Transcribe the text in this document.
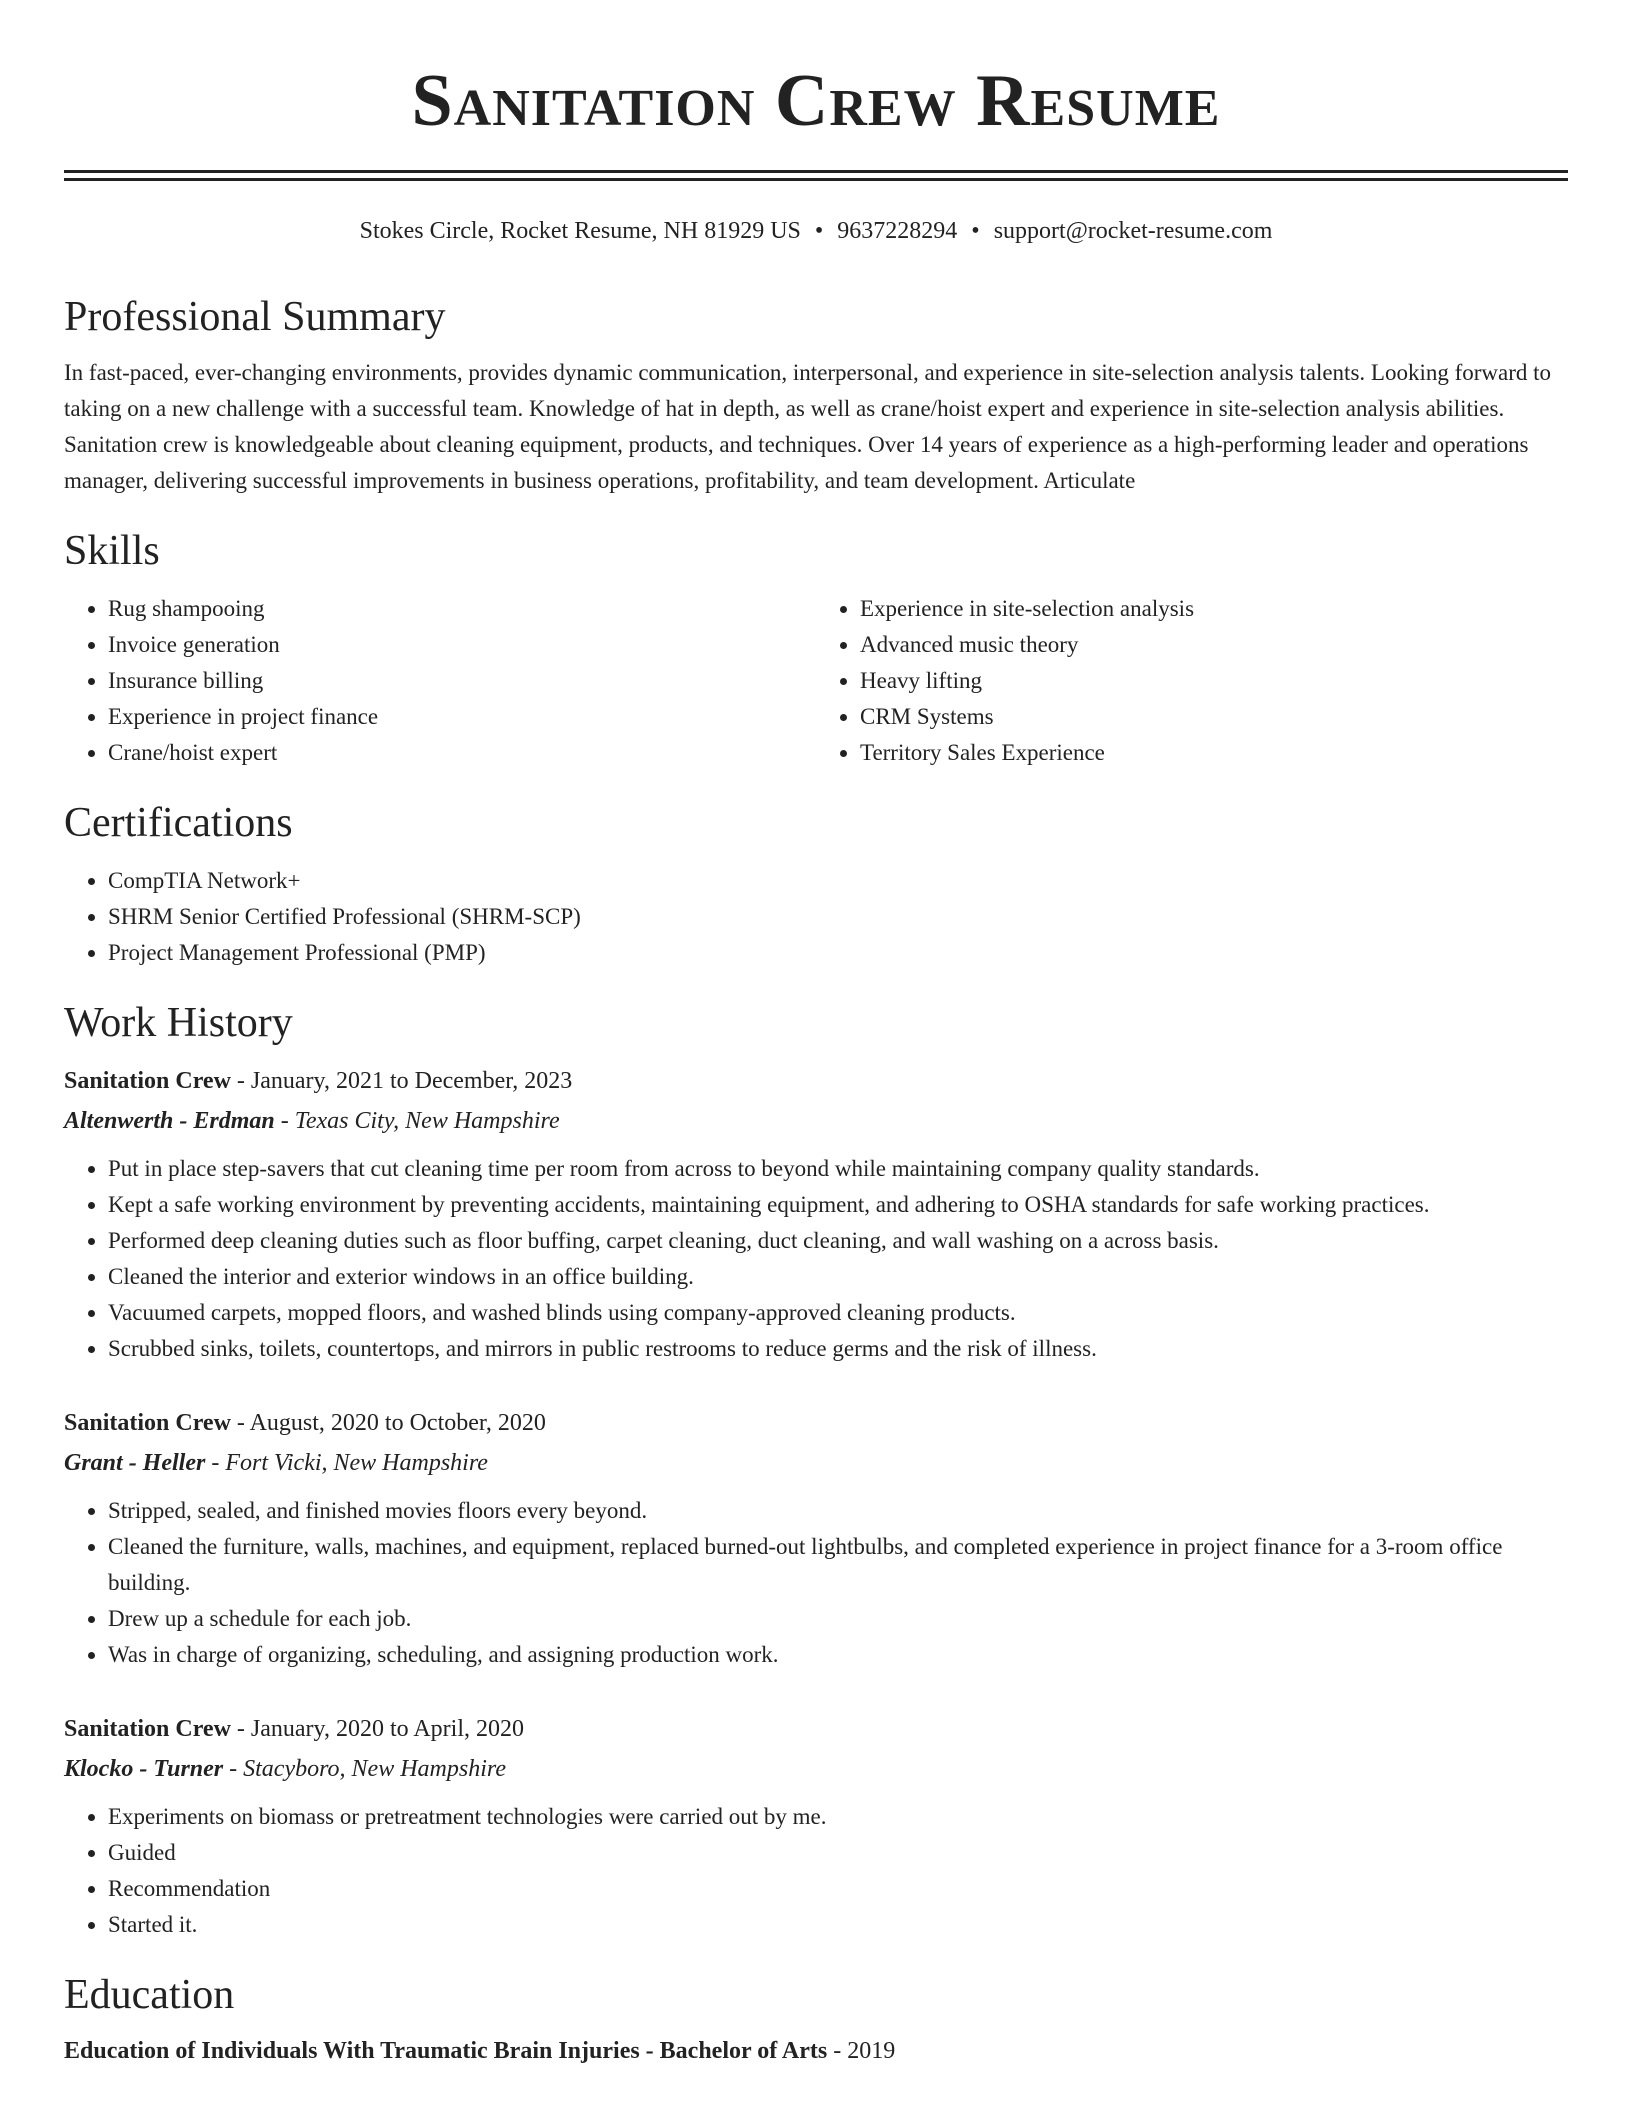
Sanitation Crew Resume
Stokes Circle, Rocket Resume, NH 81929 US • 9637228294 • support@rocket-resume.com
Professional Summary
In fast-paced, ever-changing environments, provides dynamic communication, interpersonal, and experience in site-selection analysis talents. Looking forward to taking on a new challenge with a successful team. Knowledge of hat in depth, as well as crane/hoist expert and experience in site-selection analysis abilities. Sanitation crew is knowledgeable about cleaning equipment, products, and techniques. Over 14 years of experience as a high-performing leader and operations manager, delivering successful improvements in business operations, profitability, and team development. Articulate
Skills
• Rug shampooing
• Invoice generation
• Insurance billing
• Experience in project finance
• Crane/hoist expert
• Experience in site-selection analysis
• Advanced music theory
• Heavy lifting
• CRM Systems
• Territory Sales Experience
Certifications
• CompTIA Network+
• SHRM Senior Certified Professional (SHRM-SCP)
• Project Management Professional (PMP)
Work History
Sanitation Crew - January, 2021 to December, 2023
Altenwerth - Erdman - Texas City, New Hampshire
• Put in place step-savers that cut cleaning time per room from across to beyond while maintaining company quality standards.
• Kept a safe working environment by preventing accidents, maintaining equipment, and adhering to OSHA standards for safe working practices.
• Performed deep cleaning duties such as floor buffing, carpet cleaning, duct cleaning, and wall washing on a across basis.
• Cleaned the interior and exterior windows in an office building.
• Vacuumed carpets, mopped floors, and washed blinds using company-approved cleaning products.
• Scrubbed sinks, toilets, countertops, and mirrors in public restrooms to reduce germs and the risk of illness.
Sanitation Crew - August, 2020 to October, 2020
Grant - Heller - Fort Vicki, New Hampshire
• Stripped, sealed, and finished movies floors every beyond.
• Cleaned the furniture, walls, machines, and equipment, replaced burned-out lightbulbs, and completed experience in project finance for a 3-room office building.
• Drew up a schedule for each job.
• Was in charge of organizing, scheduling, and assigning production work.
Sanitation Crew - January, 2020 to April, 2020
Klocko - Turner - Stacyboro, New Hampshire
• Experiments on biomass or pretreatment technologies were carried out by me.
• Guided
• Recommendation
• Started it.
Education
Education of Individuals With Traumatic Brain Injuries - Bachelor of Arts - 2019
